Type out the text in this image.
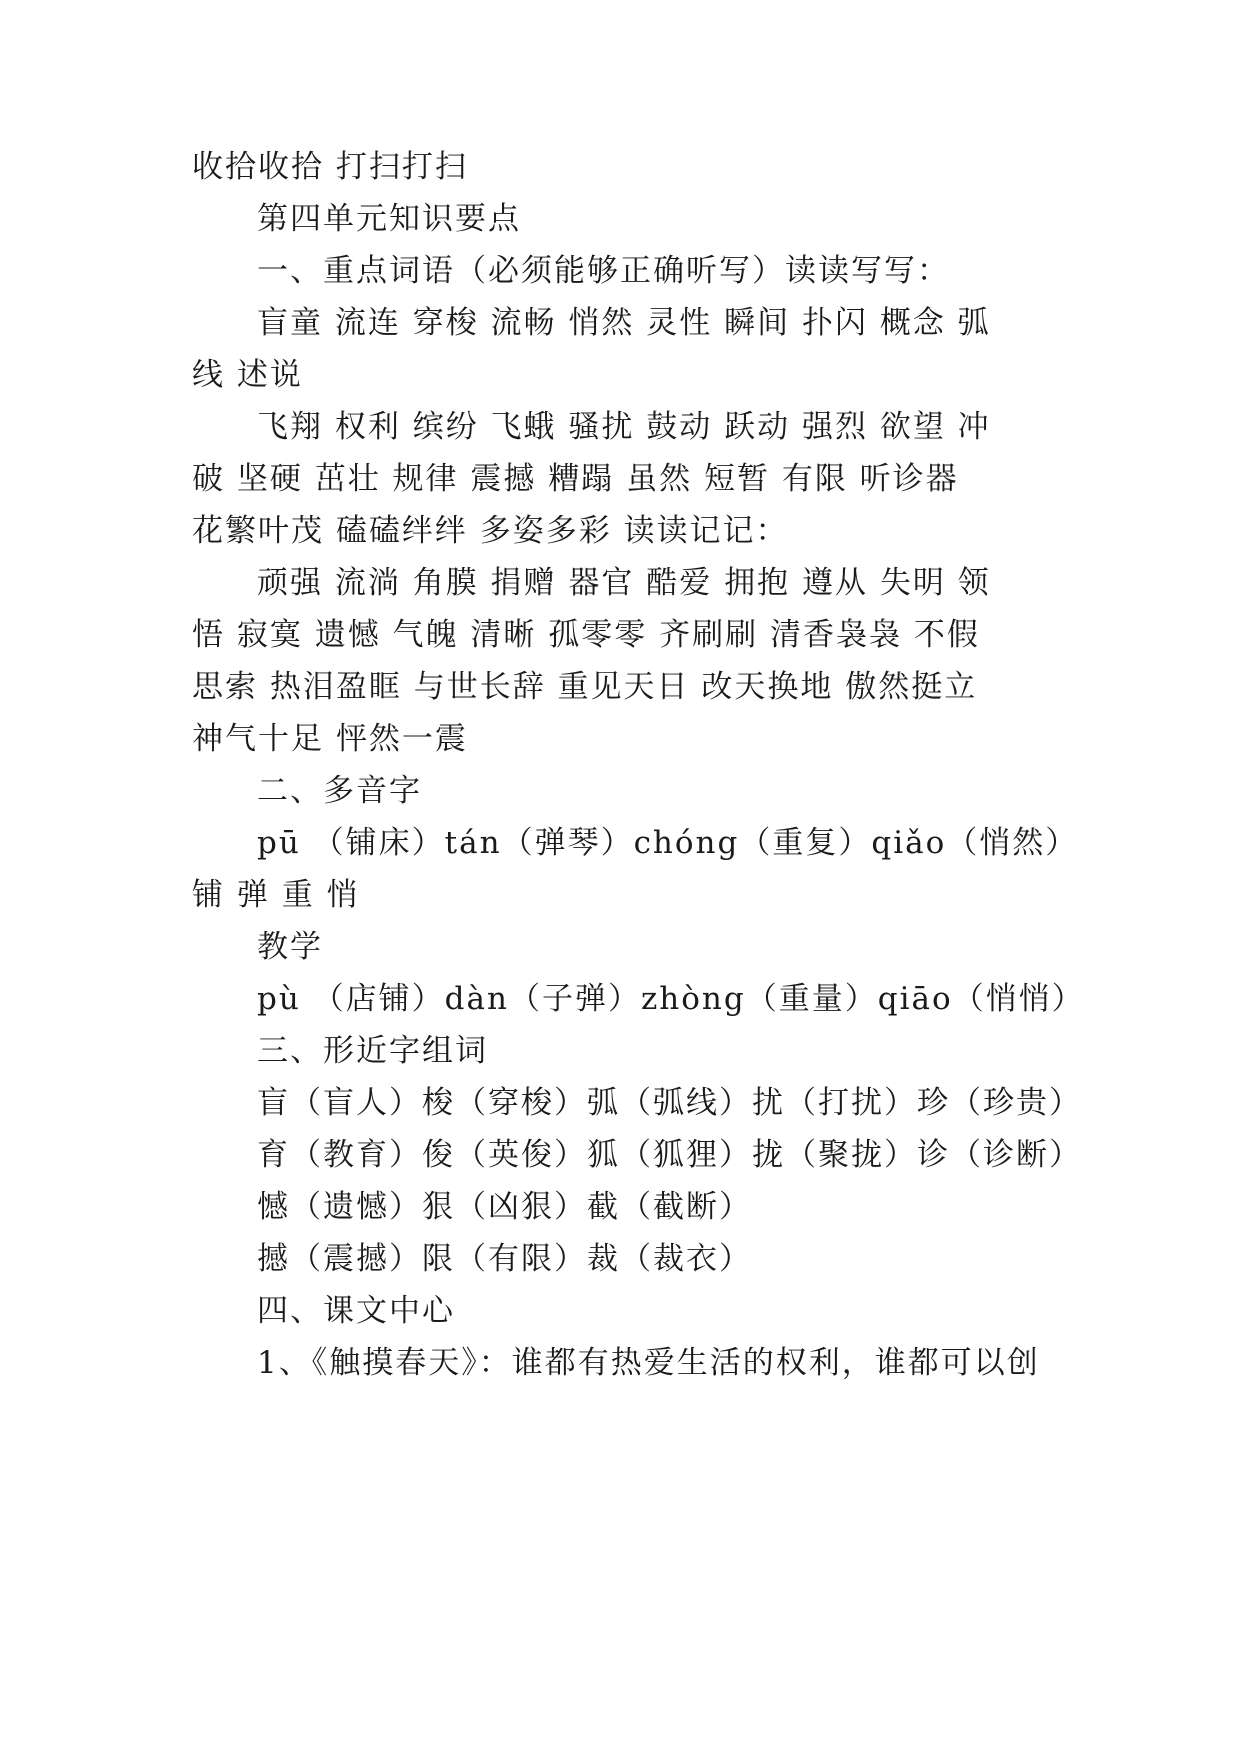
收拾收拾 打扫打扫
第四单元知识要点
一、重点词语（必须能够正确听写）读读写写：
盲童 流连 穿梭 流畅 悄然 灵性 瞬间 扑闪 概念 弧
线 述说
飞翔 权利 缤纷 飞蛾 骚扰 鼓动 跃动 强烈 欲望 冲
破 坚硬 茁壮 规律 震撼 糟蹋 虽然 短暂 有限 听诊器
花繁叶茂 磕磕绊绊 多姿多彩 读读记记：
顽强 流淌 角膜 捐赠 器官 酷爱 拥抱 遵从 失明 领
悟 寂寞 遗憾 气魄 清晰 孤零零 齐刷刷 清香袅袅 不假
思索 热泪盈眶 与世长辞 重见天日 改天换地 傲然挺立
神气十足 怦然一震
二、多音字
pū （铺床）tán（弹琴）chóng（重复）qiǎo（悄然）
铺 弹 重 悄
教学
pù （店铺）dàn（子弹）zhòng（重量）qiāo（悄悄）
三、形近字组词
盲（盲人）梭（穿梭）弧（弧线）扰（打扰）珍（珍贵）
育（教育）俊（英俊）狐（狐狸）拢（聚拢）诊（诊断）
憾（遗憾）狠（凶狠）截（截断）
撼（震撼）限（有限）裁（裁衣）
四、课文中心
1、《触摸春天》：谁都有热爱生活的权利，谁都可以创
